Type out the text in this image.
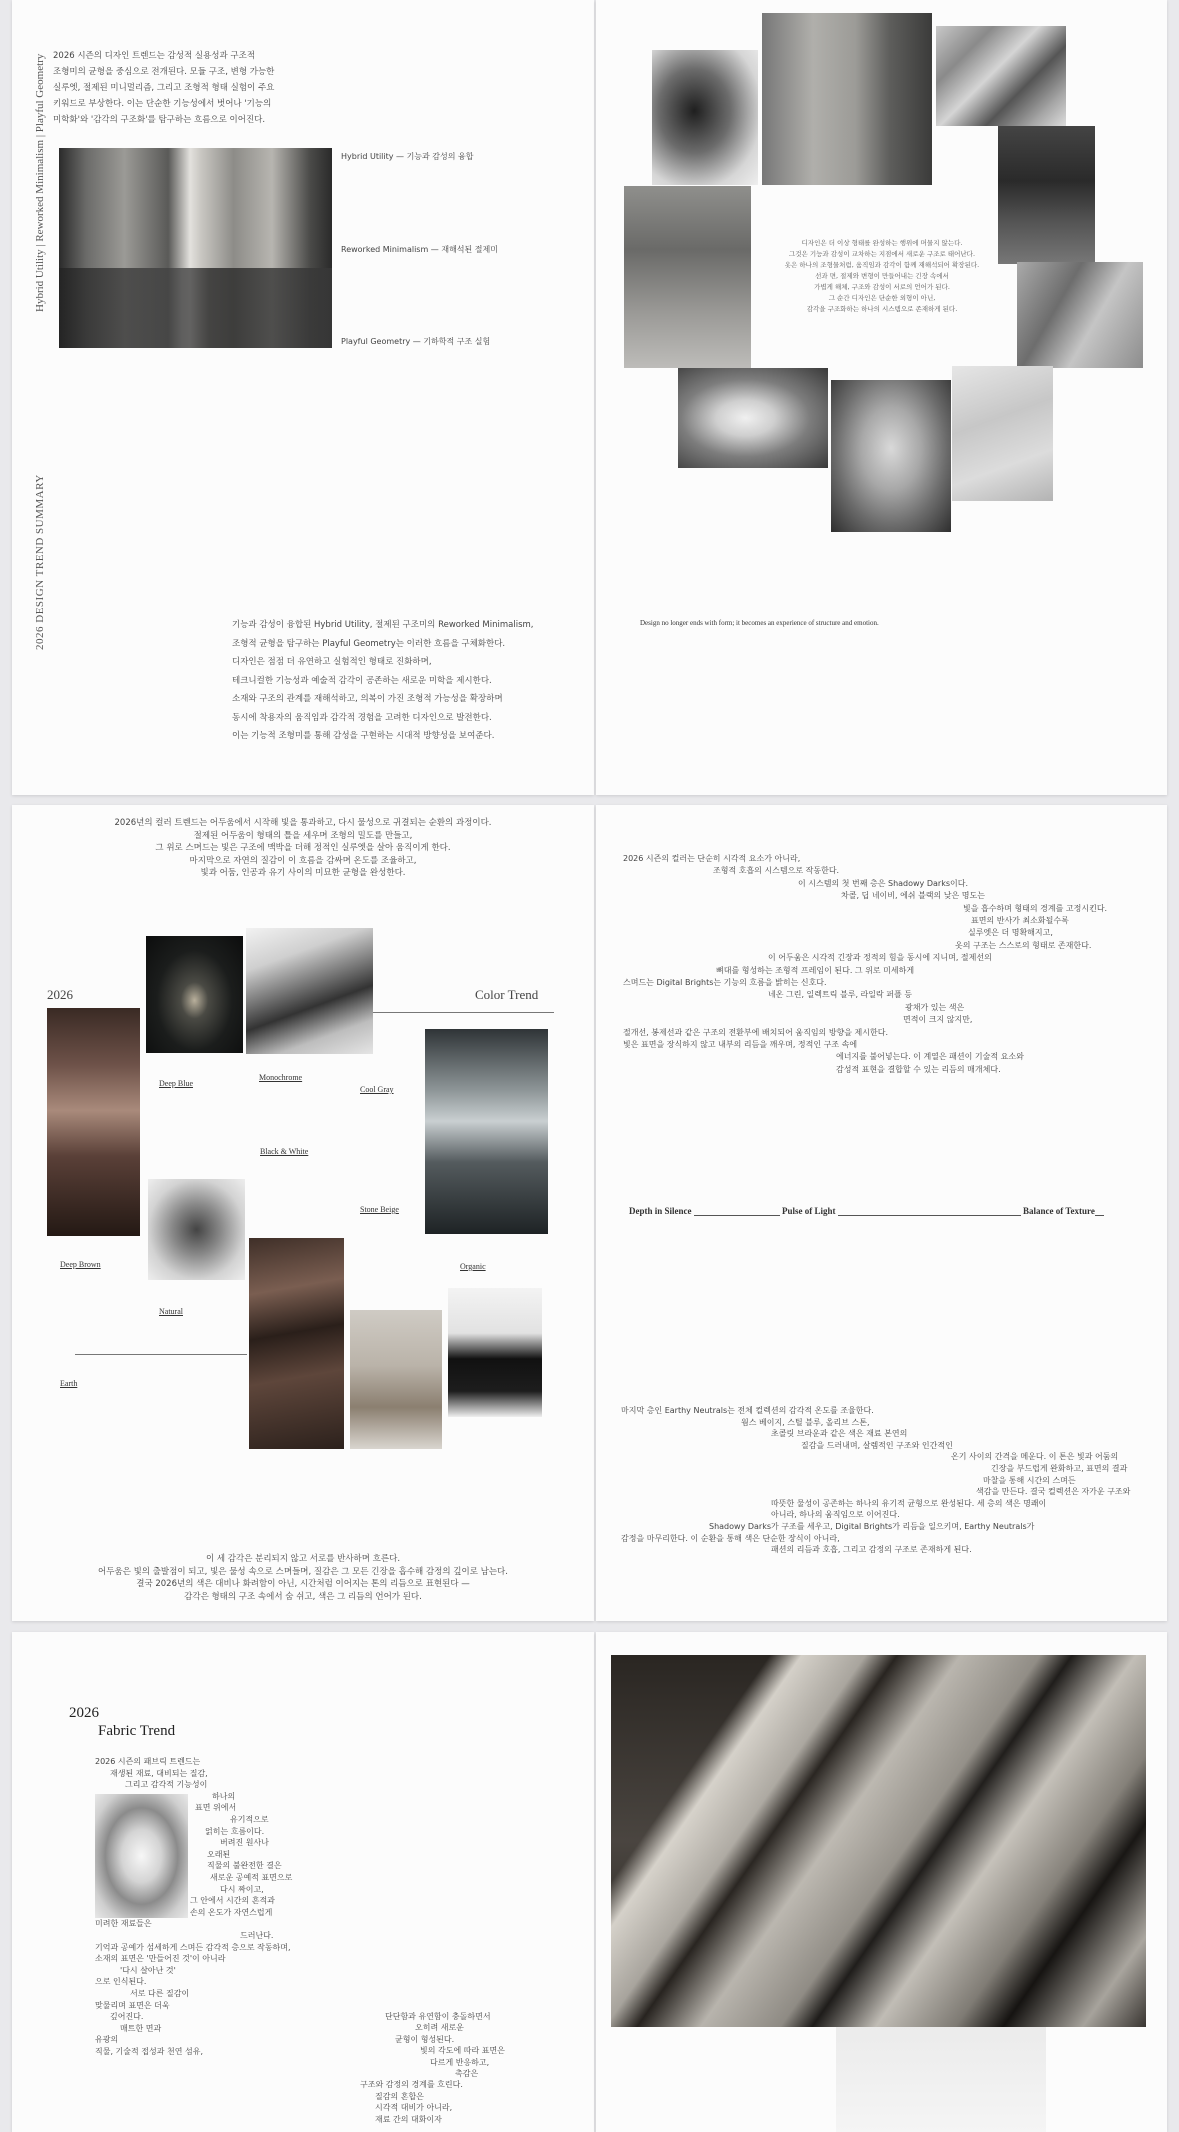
Hybrid Utility | Reworked Minimalism | Playful Geometry
2026 DESIGN TREND SUMMARY

2026 시즌의 디자인 트렌드는 감성적 실용성과 구조적
조형미의 균형을 중심으로 전개된다. 모듈 구조, 변형 가능한
실루엣, 절제된 미니멀리즘, 그리고 조형적 형태 실험이 주요
키워드로 부상한다. 이는 단순한 기능성에서 벗어나 '기능의
미학화'와 '감각의 구조화'를 탐구하는 흐름으로 이어진다.

Hybrid Utility — 기능과 감성의 융합
Reworked Minimalism — 재해석된 절제미
Playful Geometry — 기하학적 구조 실험

기능과 감성이 융합된 Hybrid Utility, 절제된 구조미의 Reworked Minimalism,
조형적 균형을 탐구하는 Playful Geometry는 이러한 흐름을 구체화한다.
디자인은 점점 더 유연하고 실험적인 형태로 진화하며,
테크니컬한 기능성과 예술적 감각이 공존하는 새로운 미학을 제시한다.
소재와 구조의 관계를 재해석하고, 의복이 가진 조형적 가능성을 확장하며
동시에 착용자의 움직임과 감각적 경험을 고려한 디자인으로 발전한다.
이는 기능적 조형미를 통해 감성을 구현하는 시대적 방향성을 보여준다.

디자인은 더 이상 형태를 완성하는 행위에 머물지 않는다.
그것은 기능과 감성이 교차하는 지점에서 새로운 구조로 태어난다.
옷은 하나의 조형물처럼, 움직임과 감각이 함께 재해석되어 확장된다.
선과 면, 절제와 변형이 만들어내는 긴장 속에서
가볍게 해체, 구조와 감성이 서로의 언어가 된다.
그 순간 디자인은 단순한 외형이 아닌,
감각을 구조화하는 하나의 시스템으로 존재하게 된다.

Design no longer ends with form; it becomes an experience of structure and emotion.

2026년의 컬러 트렌드는 어두움에서 시작해 빛을 통과하고, 다시 물성으로 귀결되는 순환의 과정이다.
절제된 어두움이 형태의 틀을 세우며 조형의 밀도를 만들고,
그 위로 스며드는 빛은 구조에 맥박을 더해 정적인 실루엣을 살아 움직이게 한다.
마지막으로 자연의 질감이 이 흐름을 감싸며 온도를 조율하고,
빛과 어둠, 인공과 유기 사이의 미묘한 균형을 완성한다.

2026	Color Trend
Deep Blue
Monochrome
Cool Gray
Black & White
Stone Beige
Deep Brown	Organic
Natural
Earth

이 세 감각은 분리되지 않고 서로를 반사하며 흐른다.
어두움은 빛의 출발점이 되고, 빛은 물성 속으로 스며들며, 질감은 그 모든 긴장을 흡수해 감정의 깊이로 남는다.
결국 2026년의 색은 대비나 화려함이 아닌, 시간처럼 이어지는 톤의 리듬으로 표현된다 —
감각은 형태의 구조 속에서 숨 쉬고, 색은 그 리듬의 언어가 된다.

2026 시즌의 컬러는 단순히 시각적 요소가 아니라,
조형적 호흡의 시스템으로 작동한다.
이 시스템의 첫 번째 층은 Shadowy Darks이다.
차콜, 딥 네이비, 에쉬 블랙의 낮은 명도는
빛을 흡수하며 형태의 경계를 고정시킨다.
표면의 반사가 최소화될수록
실루엣은 더 명확해지고,
옷의 구조는 스스로의 형태로 존재한다.
이 어두움은 시각적 긴장과 정적의 힘을 동시에 지니며, 절제선의
뼈대를 형성하는 조형적 프레임이 된다. 그 위로 미세하게
스며드는 Digital Brights는 기능의 흐름을 밝히는 신호다.
네온 그린, 일렉트릭 블루, 라일락 퍼플 등
광채가 있는 색은
면적이 크지 않지만,
절개선, 봉제선과 같은 구조의 전환부에 배치되어 움직임의 방향을 제시한다.
빛은 표면을 장식하지 않고 내부의 리듬을 깨우며, 정적인 구조 속에
에너지를 불어넣는다. 이 계열은 패션이 기술적 요소와
감성적 표현을 결합할 수 있는 리듬의 매개체다.
Depth in Silence	Pulse of Light	Balance of Texture
마지막 층인 Earthy Neutrals는 전체 컬렉션의 감각적 온도를 조율한다.
웜스 베이지, 스틸 블루, 올리브 스톤,
초콜릿 브라운과 같은 색은 재료 본연의
질감을 드러내며, 살렘적인 구조와 인간적인
온기 사이의 간격을 메운다. 이 톤은 빛과 어둠의
긴장을 부드럽게 완화하고, 표면의 결과
마찰을 통해 시간의 스며든
색감을 만든다. 결국 컬렉션은 자가운 구조와
따뜻한 물성이 공존하는 하나의 유기적 균형으로 완성된다. 세 층의 색은 명쾌이
아니라, 하나의 움직임으로 이어진다.
Shadowy Darks가 구조를 세우고, Digital Brights가 리듬을 일으키며, Earthy Neutrals가
감정을 마무리한다. 이 순환을 통해 색은 단순한 장식이 아니라,
패션의 리듬과 호흡, 그리고 감정의 구조로 존재하게 된다.
2026
Fabric Trend
2026 시즌의 패브릭 트렌드는
재생된 재료, 대비되는 질감,
그리고 감각적 기능성이
하나의
표면 위에서
유기적으로
얽히는 흐름이다.
버려진 원사나
오래된
직물의 불완전한 결은
새로운 공예적 표면으로
다시 짜이고,
그 안에서 시간의 흔적과
손의 온도가 자연스럽게
미려한 재료들은
드러난다.
기억과 공예가 섬세하게 스며든 감각적 층으로 작동하며,
소재의 표면은 '만들어진 것'이 아니라
'다시 살아난 것'
으로 인식된다.
서로 다른 질감이
맞물리며 표면은 더욱
깊어진다.
매트한 면과
유광의
직물, 기술적 접성과 천연 섬유,
단단함과 유연함이 충돌하면서
오히려 새로운
균형이 형성된다.
빛의 각도에 따라 표면은
다르게 반응하고,
촉감은
구조와 감정의 경계를 흐린다.
질감의 혼합은
시각적 대비가 아니라,
재료 간의 대화이자
